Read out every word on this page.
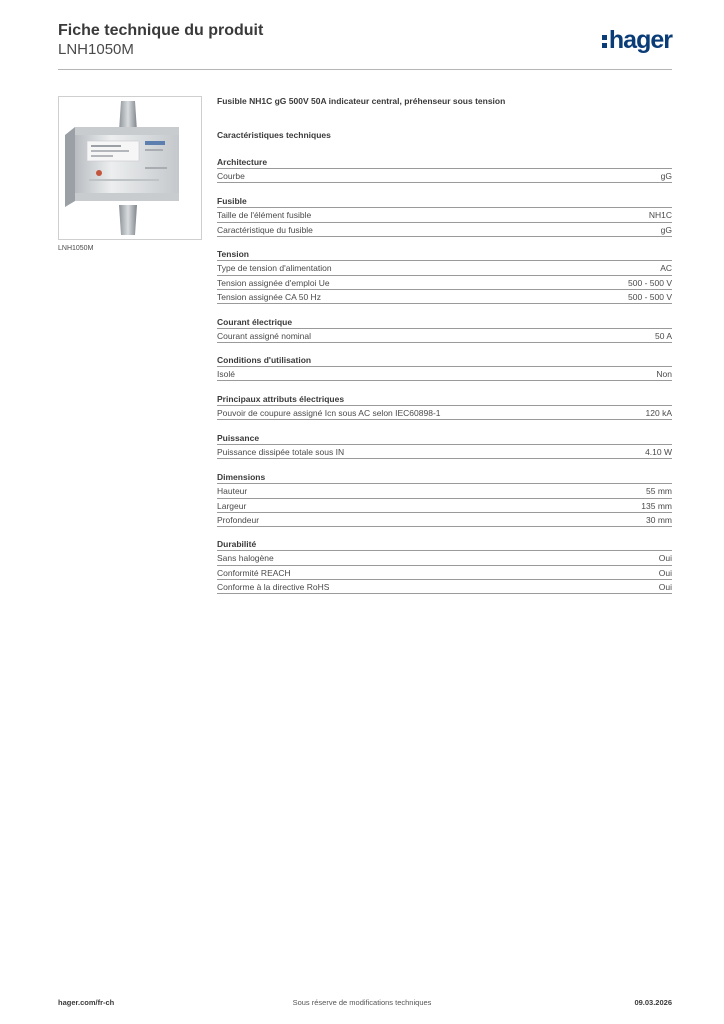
Fiche technique du produit
LNH1050M	hager
LNH1050M
Fusible NH1C gG 500V 50A indicateur central, préhenseur sous tension
Caractéristiques techniques
Architecture
Courbe	gG
Fusible
Taille de l'élément fusible	NH1C
Caractéristique du fusible	gG
Tension
Type de tension d'alimentation	AC
Tension assignée d'emploi Ue	500 - 500 V
Tension assignée CA 50 Hz	500 - 500 V
Courant électrique
Courant assigné nominal	50 A
Conditions d'utilisation
Isolé	Non
Principaux attributs électriques
Pouvoir de coupure assigné Icn sous AC selon IEC60898-1	120 kA
Puissance
Puissance dissipée totale sous IN	4.10 W
Dimensions
Hauteur	55 mm
Largeur	135 mm
Profondeur	30 mm
Durabilité
Sans halogène	Oui
Conformité REACH	Oui
Conforme à la directive RoHS	Oui
hager.com/fr-ch	Sous réserve de modifications techniques	09.03.2026
